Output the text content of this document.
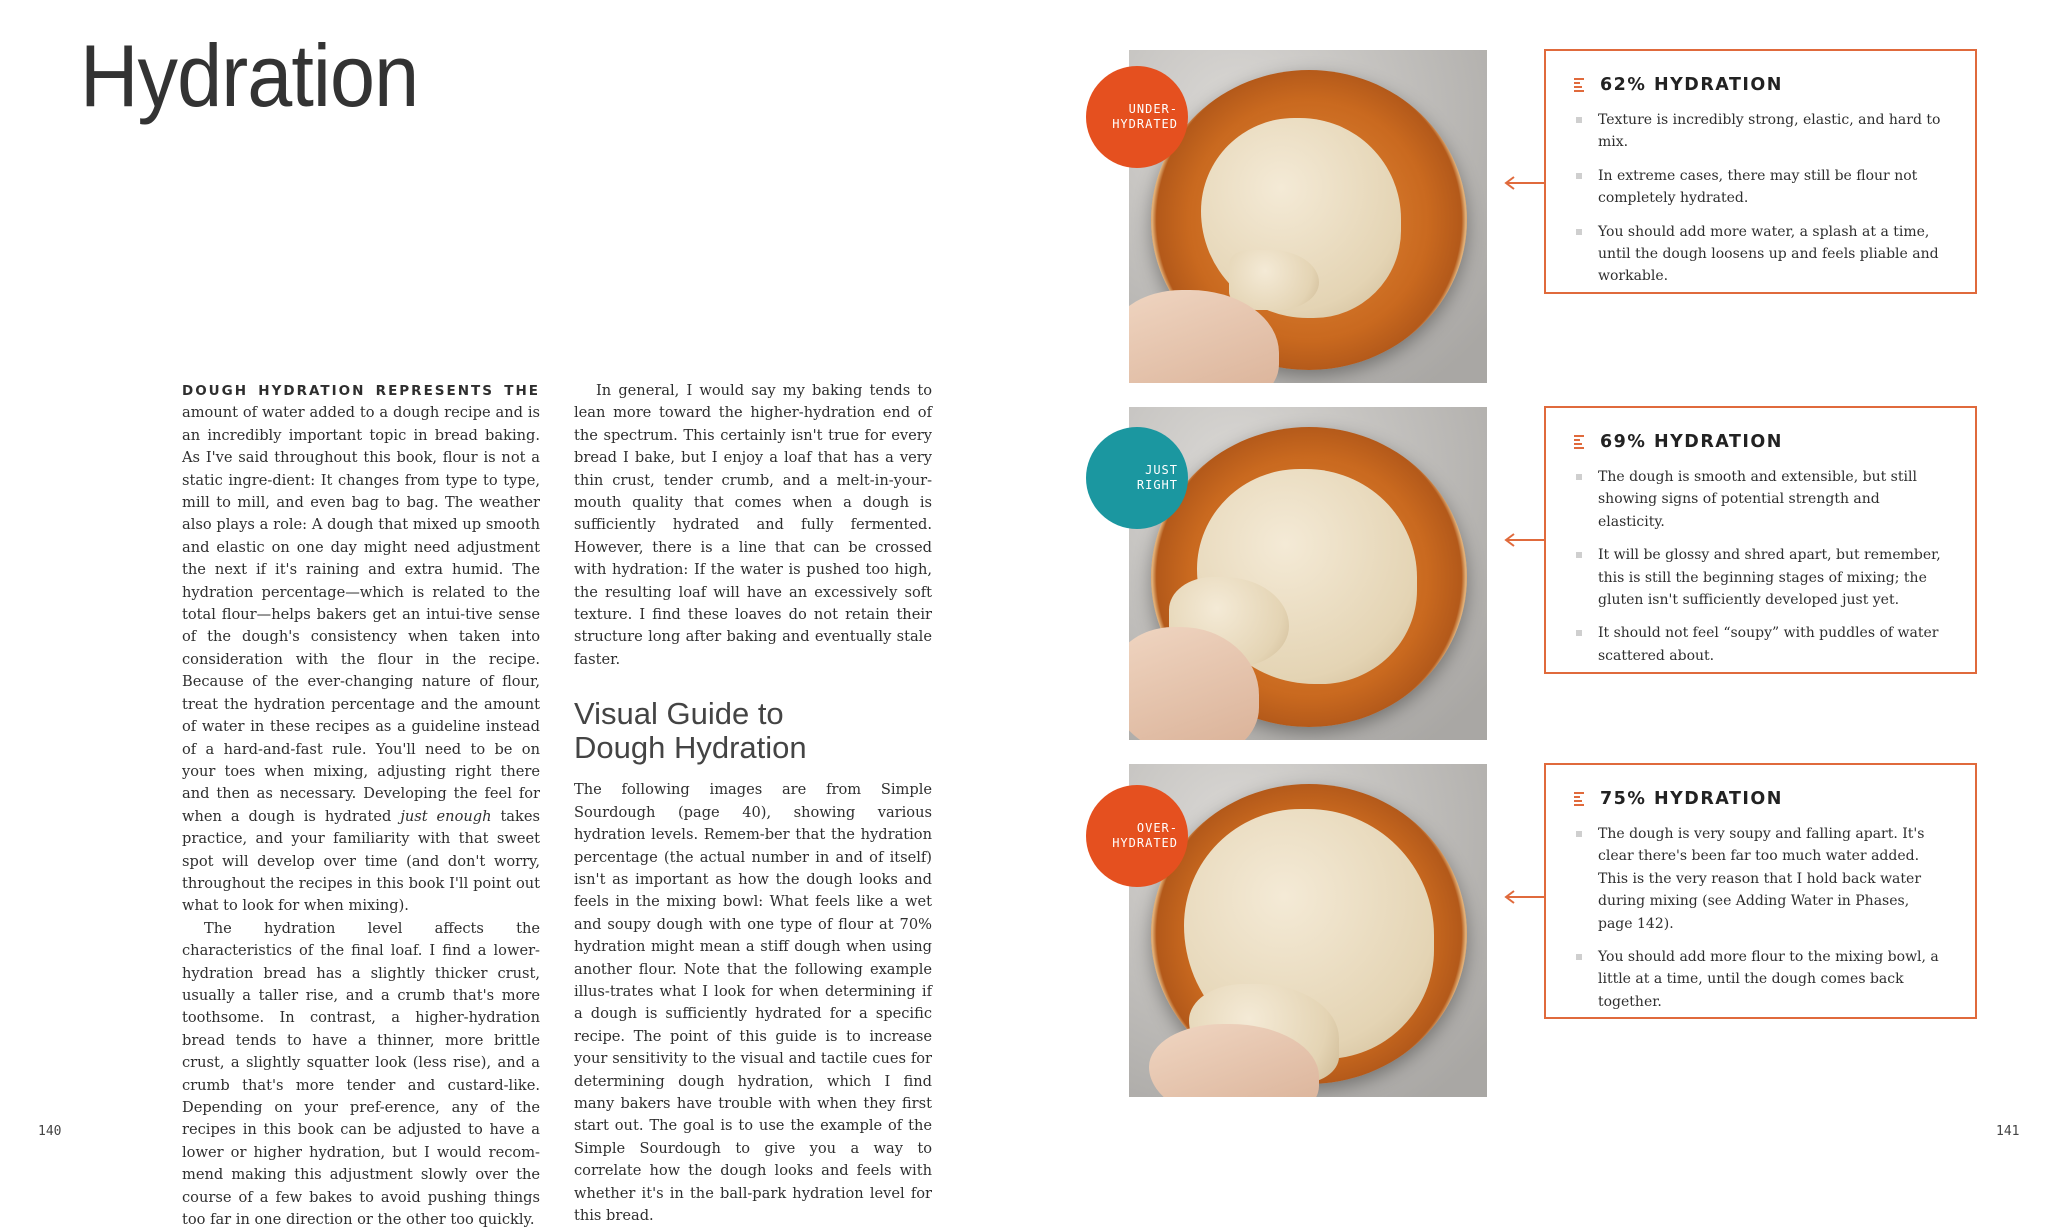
Hydration

DOUGH HYDRATION REPRESENTS THE amount of water added to a dough recipe and is an incredibly important topic in bread baking. As I've said throughout this book, flour is not a static ingre-dient: It changes from type to type, mill to mill, and even bag to bag. The weather also plays a role: A dough that mixed up smooth and elastic on one day might need adjustment the next if it's raining and extra humid. The hydration percentage—which is related to the total flour—helps bakers get an intui-tive sense of the dough's consistency when taken into consideration with the flour in the recipe. Because of the ever-changing nature of flour, treat the hydration percentage and the amount of water in these recipes as a guideline instead of a hard-and-fast rule. You'll need to be on your toes when mixing, adjusting right there and then as necessary. Developing the feel for when a dough is hydrated just enough takes practice, and your familiarity with that sweet spot will develop over time (and don't worry, throughout the recipes in this book I'll point out what to look for when mixing).

The hydration level affects the characteristics of the final loaf. I find a lower-hydration bread has a slightly thicker crust, usually a taller rise, and a crumb that's more toothsome. In contrast, a higher-hydration bread tends to have a thinner, more brittle crust, a slightly squatter look (less rise), and a crumb that's more tender and custard-like. Depending on your pref-erence, any of the recipes in this book can be adjusted to have a lower or higher hydration, but I would recom-mend making this adjustment slowly over the course of a few bakes to avoid pushing things too far in one direction or the other too quickly.

In general, I would say my baking tends to lean more toward the higher-hydration end of the spectrum. This certainly isn't true for every bread I bake, but I enjoy a loaf that has a very thin crust, tender crumb, and a melt-in-your-mouth quality that comes when a dough is sufficiently hydrated and fully fermented. However, there is a line that can be crossed with hydration: If the water is pushed too high, the resulting loaf will have an excessively soft texture. I find these loaves do not retain their structure long after baking and eventually stale faster.

Visual Guide to
Dough Hydration

The following images are from Simple Sourdough (page 40), showing various hydration levels. Remem-ber that the hydration percentage (the actual number in and of itself) isn't as important as how the dough looks and feels in the mixing bowl: What feels like a wet and soupy dough with one type of flour at 70% hydration might mean a stiff dough when using another flour. Note that the following example illus-trates what I look for when determining if a dough is sufficiently hydrated for a specific recipe. The point of this guide is to increase your sensitivity to the visual and tactile cues for determining dough hydration, which I find many bakers have trouble with when they first start out. The goal is to use the example of the Simple Sourdough to give you a way to correlate how the dough looks and feels with whether it's in the ball-park hydration level for this bread.

140	141
UNDER-
HYDRATED
JUST
RIGHT
OVER-
HYDRATED
62% HYDRATION
Texture is incredibly strong, elastic, and hard to mix.
In extreme cases, there may still be flour not completely hydrated.
You should add more water, a splash at a time, until the dough loosens up and feels pliable and workable.
69% HYDRATION
The dough is smooth and extensible, but still showing signs of potential strength and elasticity.
It will be glossy and shred apart, but remember, this is still the beginning stages of mixing; the gluten isn't sufficiently developed just yet.
It should not feel “soupy” with puddles of water scattered about.
75% HYDRATION
The dough is very soupy and falling apart. It's clear there's been far too much water added. This is the very reason that I hold back water during mixing (see Adding Water in Phases, page 142).
You should add more flour to the mixing bowl, a little at a time, until the dough comes back together.
